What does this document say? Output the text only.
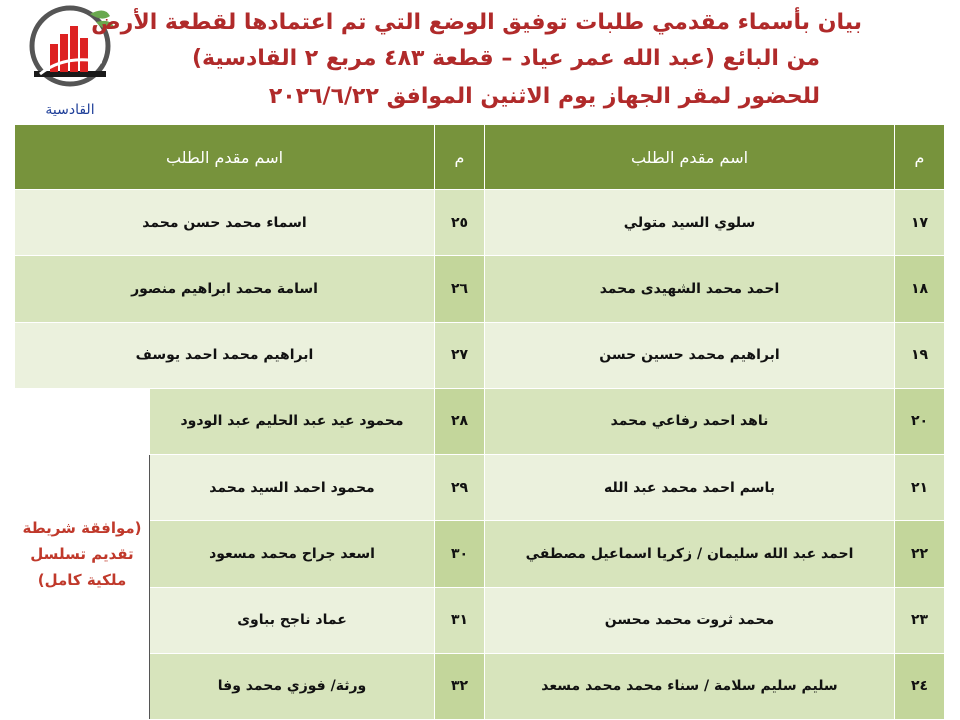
القادسية
بيان بأسماء مقدمي طلبات توفيق الوضع التي تم اعتمادها لقطعة الأرض
من البائع (عبد الله عمر عياد – قطعة ٤٨٣ مربع ٢ القادسية)
للحضور لمقر الجهاز يوم الاثنين الموافق ٢٠٢٦/٦/٢٢
م	اسم مقدم الطلب	م	اسم مقدم الطلب	
١٧	سلوي السيد متولي	٢٥	اسماء محمد حسن محمد	
١٨	احمد محمد الشهيدى محمد	٢٦	اسامة محمد ابراهيم منصور	
١٩	ابراهيم محمد حسين حسن	٢٧	ابراهيم محمد احمد يوسف	
٢٠	ناهد احمد رفاعي محمد	٢٨	محمود عيد عبد الحليم عبد الودود	(موافقة شريطة تقديم تسلسل ملكية كامل)
٢١	باسم احمد محمد عبد الله	٢٩	محمود احمد السيد محمد	
٢٢	احمد عبد الله سليمان / زكريا اسماعيل مصطفي	٣٠	اسعد جراح محمد مسعود	
٢٣	محمد ثروت محمد محسن	٣١	عماد ناجح بباوى	
٢٤	سليم سليم سلامة / سناء محمد محمد مسعد	٣٢	ورثة/ فوزي محمد وفا	
